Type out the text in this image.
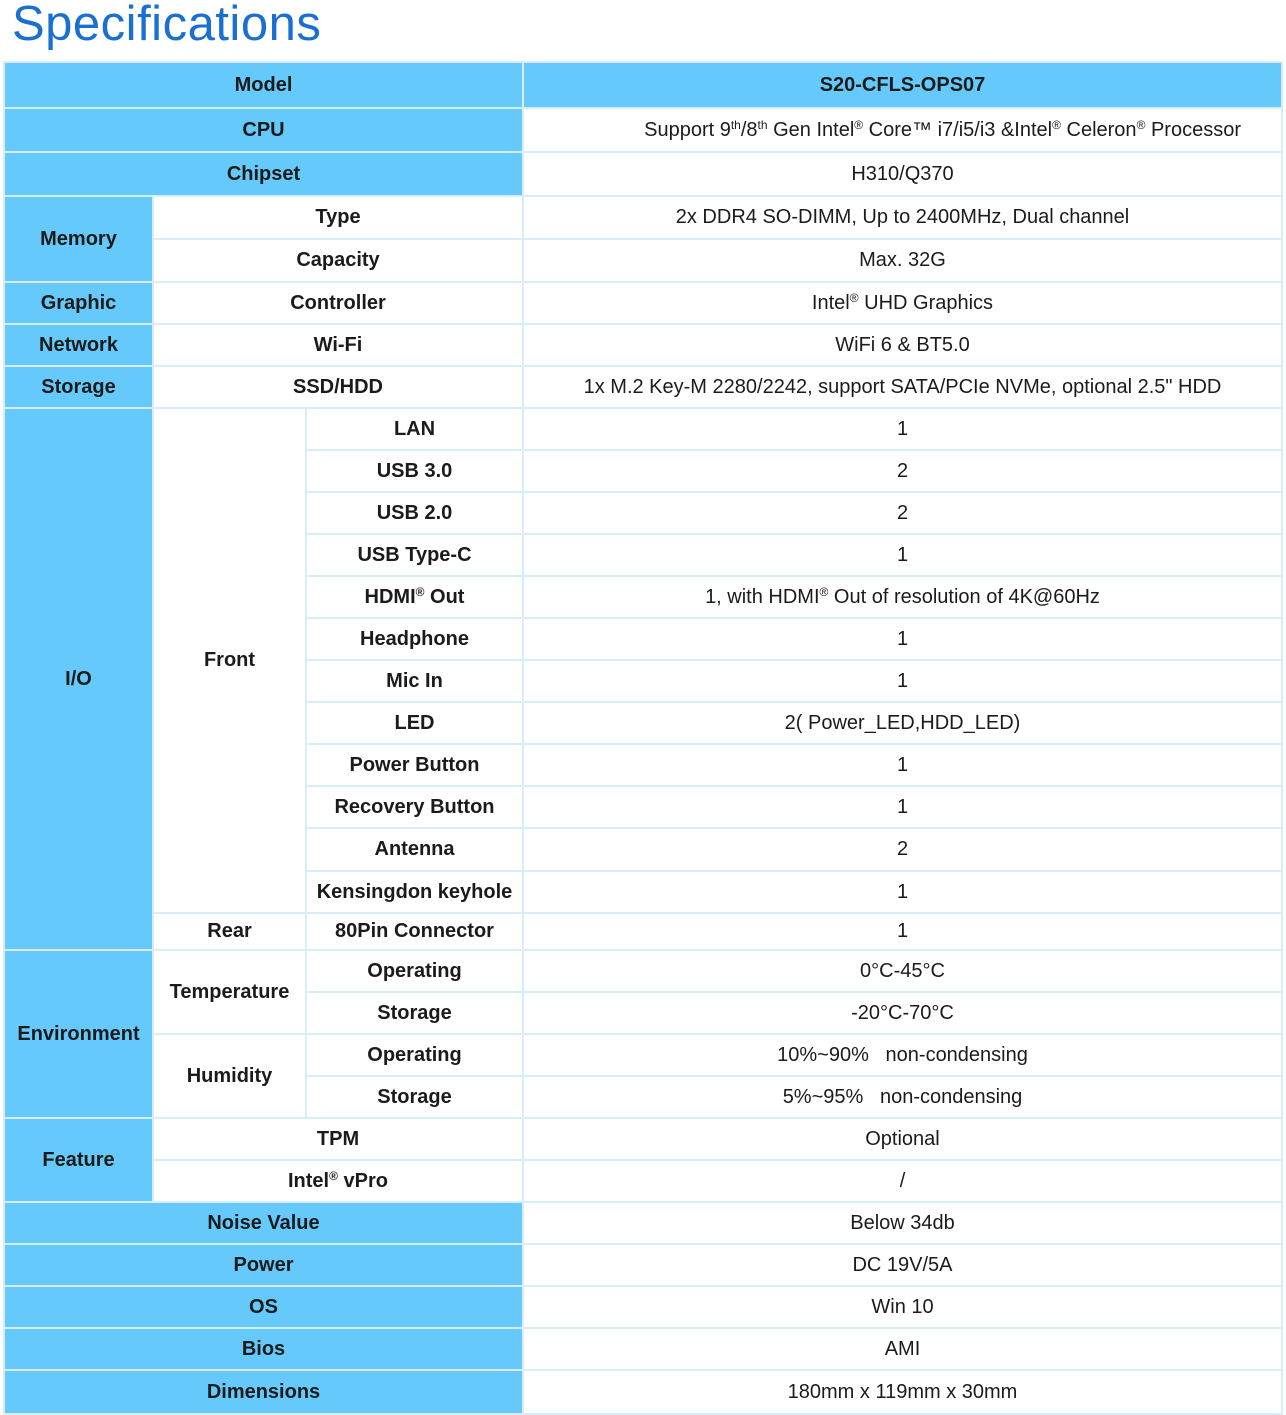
Specifications
Model			S20-CFLS-OPS07
CPU			Support 9th/8th Gen Intel® Core™ i7/i5/i3 &Intel® Celeron® Processor
Chipset			H310/Q370
Memory	Type		2x DDR4 SO-DIMM, Up to 2400MHz, Dual channel
	Capacity		Max. 32G
Graphic	Controller		Intel® UHD Graphics
Network	Wi-Fi		WiFi 6 & BT5.0
Storage	SSD/HDD		1x M.2 Key-M 2280/2242, support SATA/PCIe NVMe, optional 2.5" HDD
I/O	Front	LAN	1
		USB 3.0	2
		USB 2.0	2
		USB Type-C	1
		HDMI® Out	1, with HDMI® Out of resolution of 4K@60Hz
		Headphone	1
		Mic In	1
		LED	2( Power_LED,HDD_LED)
		Power Button	1
		Recovery Button	1
		Antenna	2
		Kensingdon keyhole	1
	Rear	80Pin Connector	1
Environment	Temperature	Operating	0°C-45°C
		Storage	-20°C-70°C
	Humidity	Operating	10%~90%   non-condensing
		Storage	5%~95%   non-condensing
Feature	TPM		Optional
	Intel® vPro		/
Noise Value			Below 34db
Power			DC 19V/5A
OS			Win 10
Bios			AMI
Dimensions			180mm x 119mm x 30mm
